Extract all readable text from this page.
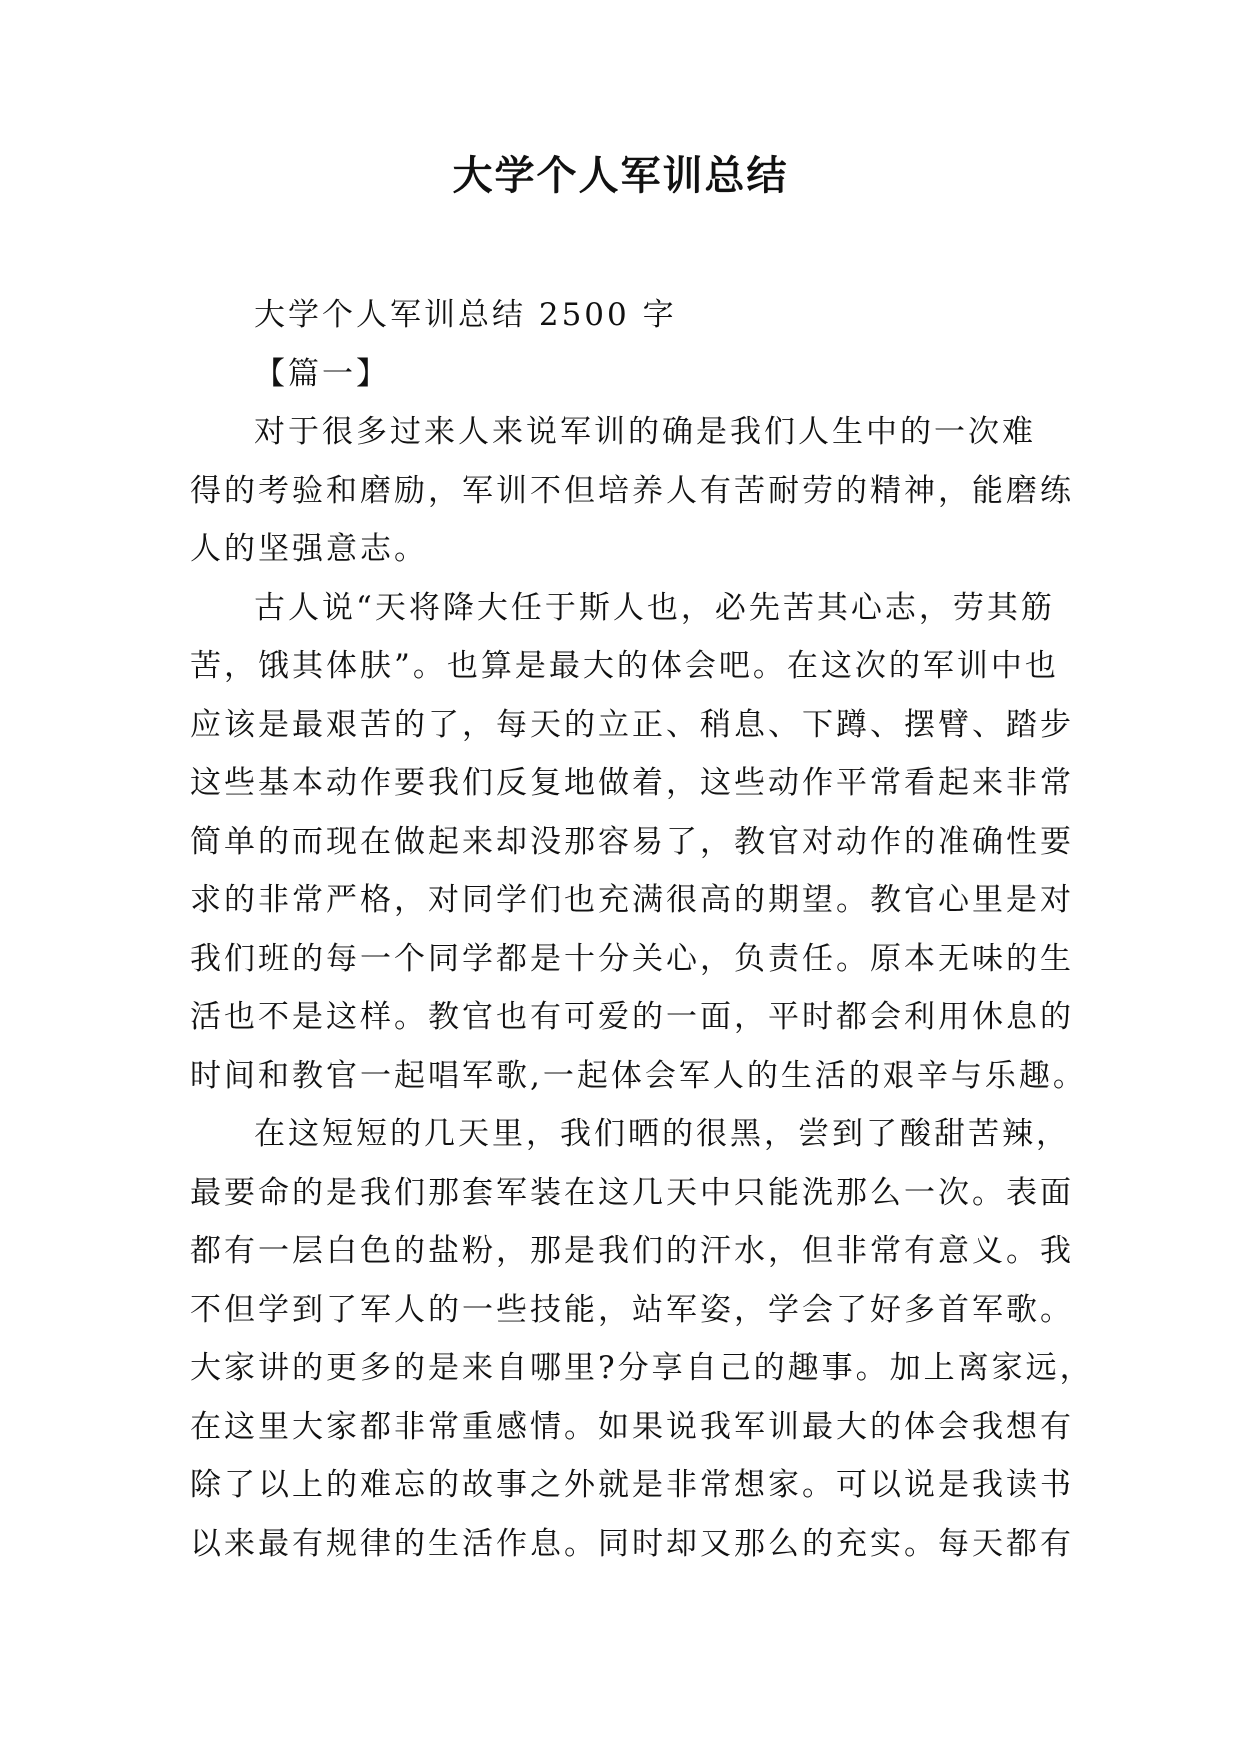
大学个人军训总结
大学个人军训总结 2500 字
【篇一】
对于很多过来人来说军训的确是我们人生中的一次难
得的考验和磨励，军训不但培养人有苦耐劳的精神，能磨练
人的坚强意志。
古人说“天将降大任于斯人也，必先苦其心志，劳其筋
苦，饿其体肤”。也算是最大的体会吧。在这次的军训中也
应该是最艰苦的了，每天的立正、稍息、下蹲、摆臂、踏步
这些基本动作要我们反复地做着，这些动作平常看起来非常
简单的而现在做起来却没那容易了，教官对动作的准确性要
求的非常严格，对同学们也充满很高的期望。教官心里是对
我们班的每一个同学都是十分关心，负责任。原本无味的生
活也不是这样。教官也有可爱的一面，平时都会利用休息的
时间和教官一起唱军歌,一起体会军人的生活的艰辛与乐趣。
在这短短的几天里，我们晒的很黑，尝到了酸甜苦辣，
最要命的是我们那套军装在这几天中只能洗那么一次。表面
都有一层白色的盐粉，那是我们的汗水，但非常有意义。我
不但学到了军人的一些技能，站军姿，学会了好多首军歌。
大家讲的更多的是来自哪里?分享自己的趣事。加上离家远，
在这里大家都非常重感情。如果说我军训最大的体会我想有
除了以上的难忘的故事之外就是非常想家。可以说是我读书
以来最有规律的生活作息。同时却又那么的充实。每天都有
